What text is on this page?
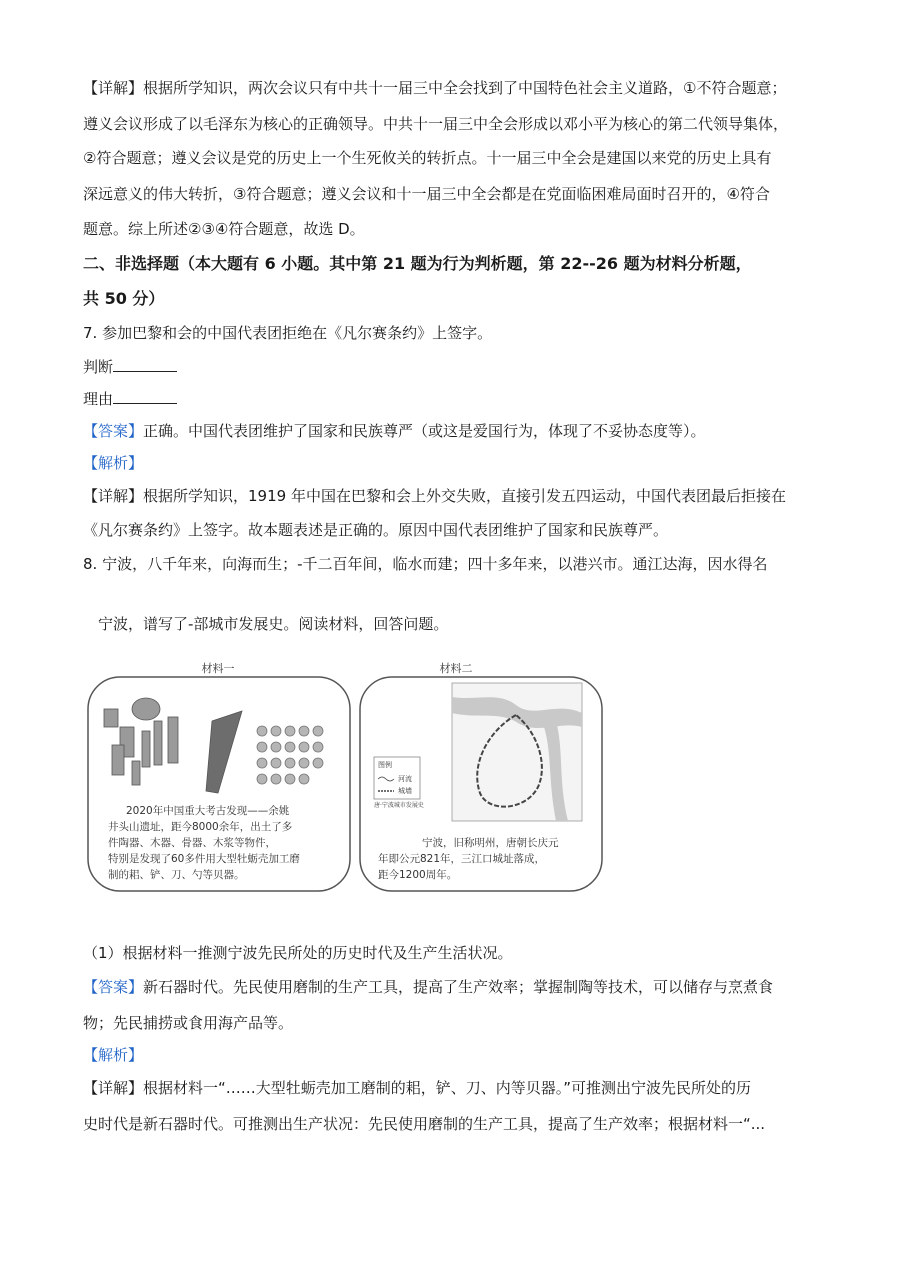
【详解】根据所学知识，两次会议只有中共十一届三中全会找到了中国特色社会主义道路，①不符合题意；
遵义会议形成了以毛泽东为核心的正确领导。中共十一届三中全会形成以邓小平为核心的第二代领导集体，
②符合题意；遵义会议是党的历史上一个生死攸关的转折点。十一届三中全会是建国以来党的历史上具有
深远意义的伟大转折，③符合题意；遵义会议和十一届三中全会都是在党面临困难局面时召开的，④符合
题意。综上所述②③④符合题意，故选 D。
二、非选择题（本大题有 6 小题。其中第 21 题为行为判析题，第 22--26 题为材料分析题，
共 50 分）
7. 参加巴黎和会的中国代表团拒绝在《凡尔赛条约》上签字。
判断
理由
【答案】正确。中国代表团维护了国家和民族尊严（或这是爱国行为，体现了不妥协态度等）。
【解析】
【详解】根据所学知识，1919 年中国在巴黎和会上外交失败，直接引发五四运动，中国代表团最后拒接在
《凡尔赛条约》上签字。故本题表述是正确的。原因中国代表团维护了国家和民族尊严。
8. 宁波，八千年来，向海而生；-千二百年间，临水而建；四十多年来，以港兴市。通江达海，因水得名
宁波，谱写了-部城市发展史。阅读材料，回答问题。
材料一
2020年中国重大考古发现——余姚
井头山遗址，距今8000余年，出土了多
件陶器、木器、骨器、木浆等物件，
特别是发现了60多件用大型牡蛎壳加工磨
制的耜、铲、刀、勺等贝器。
材料二
图例
河流
城墙
唐·宁波城市发展史
宁波，旧称明州，唐朝长庆元
年即公元821年，三江口城址落成，
距今1200周年。
（1）根据材料一推测宁波先民所处的历史时代及生产生活状况。
【答案】新石器时代。先民使用磨制的生产工具，提高了生产效率；掌握制陶等技术，可以储存与烹煮食
物；先民捕捞或食用海产品等。
【解析】
【详解】根据材料一“……大型牡蛎壳加工磨制的耜，铲、刀、内等贝器。”可推测出宁波先民所处的历
史时代是新石器时代。可推测出生产状况：先民使用磨制的生产工具，提高了生产效率；根据材料一“...
